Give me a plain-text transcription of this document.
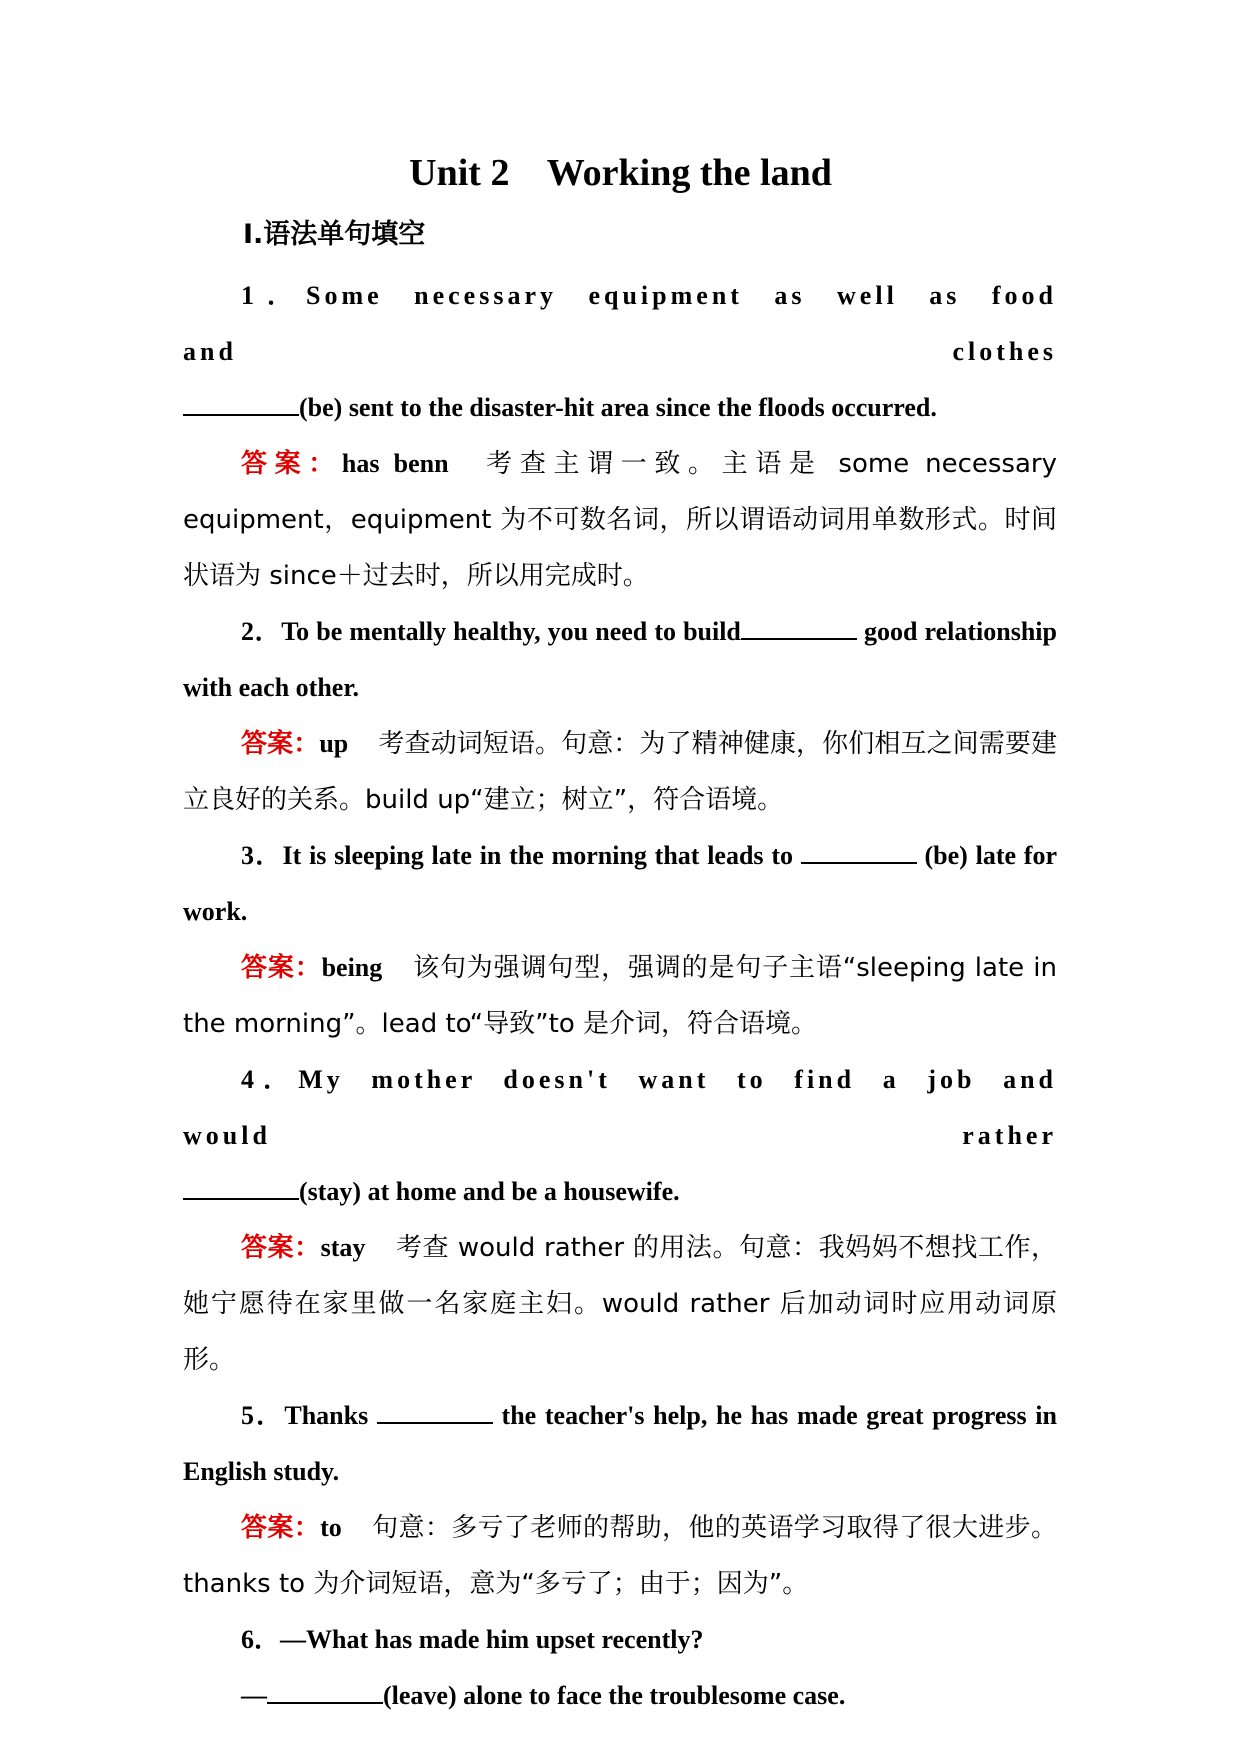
Unit 2    Working the land
Ⅰ.语法单句填空

1．Some necessary equipment as well as food and clothes

(be) sent to the disaster-hit area since the floods occurred.

答案：has benn 考查主谓一致。主语是 some necessary equipment，equipment 为不可数名词，所以谓语动词用单数形式。时间状语为 since＋过去时，所以用完成时。

2．To be mentally healthy, you need to build	good relationship with each other.

答案：up 考查动词短语。句意：为了精神健康，你们相互之间需要建立良好的关系。build up“建立；树立”，符合语境。

3．It is sleeping late in the morning that leads to	(be) late for work.

答案：being 该句为强调句型，强调的是句子主语“sleeping late in the morning”。lead to“导致”to 是介词，符合语境。

4．My mother doesn't want to find a job and would rather

(stay) at home and be a housewife.

答案：stay 考查 would rather 的用法。句意：我妈妈不想找工作，她宁愿待在家里做一名家庭主妇。would rather 后加动词时应用动词原形。

5．Thanks	the teacher's help, he has made great progress in English study.

答案：to 句意：多亏了老师的帮助，他的英语学习取得了很大进步。thanks to 为介词短语，意为“多亏了；由于；因为”。

6．—What has made him upset recently?

—	(leave) alone to face the troublesome case.
